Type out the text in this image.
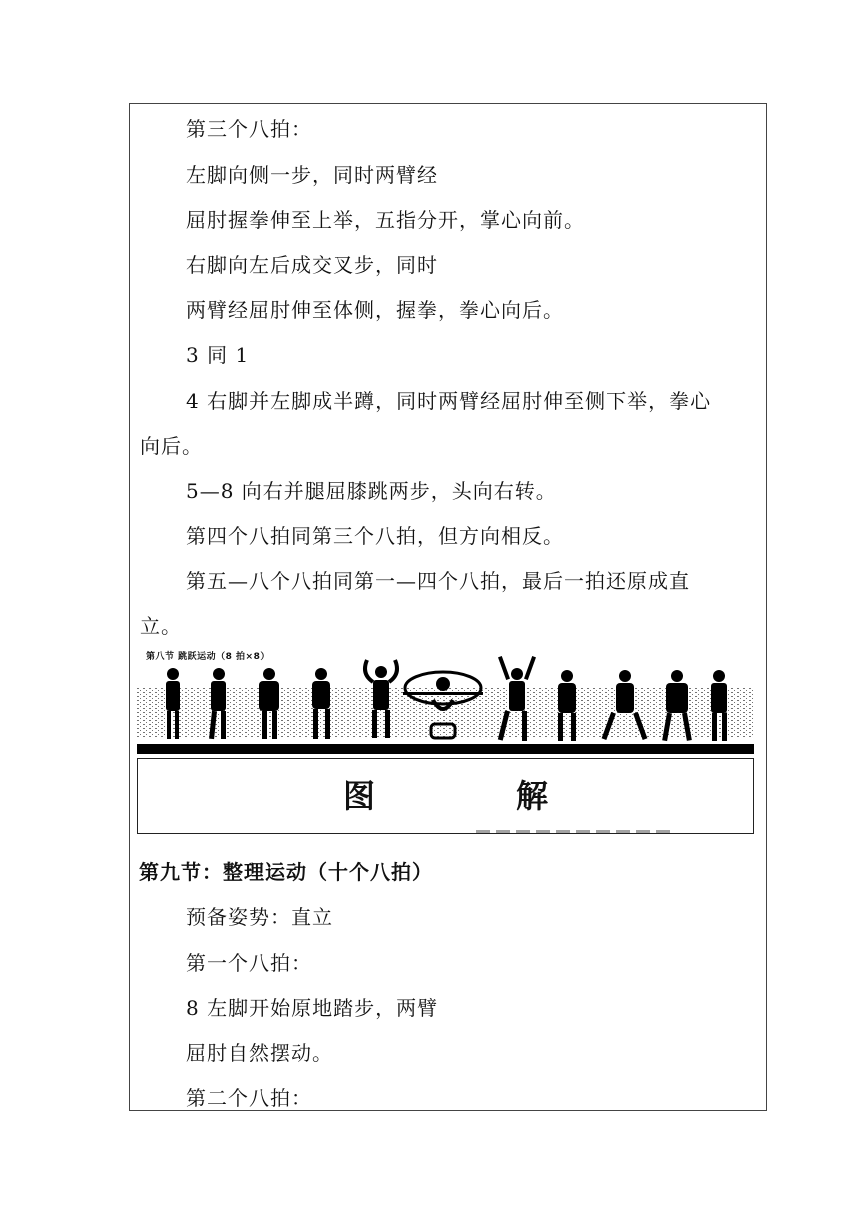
第三个八拍：
左脚向侧一步，同时两臂经
屈肘握拳伸至上举，五指分开，掌心向前。
右脚向左后成交叉步，同时
两臂经屈肘伸至体侧，握拳，拳心向后。
3 同 1
4 右脚并左脚成半蹲，同时两臂经屈肘伸至侧下举，拳心
向后。
5—8 向右并腿屈膝跳两步，头向右转。
第四个八拍同第三个八拍，但方向相反。
第五—八个八拍同第一—四个八拍，最后一拍还原成直
立。
第八节 跳跃运动（8 拍×8）
图	解
第九节：整理运动（十个八拍）
预备姿势：直立
第一个八拍：
8 左脚开始原地踏步，两臂
屈肘自然摆动。
第二个八拍：
